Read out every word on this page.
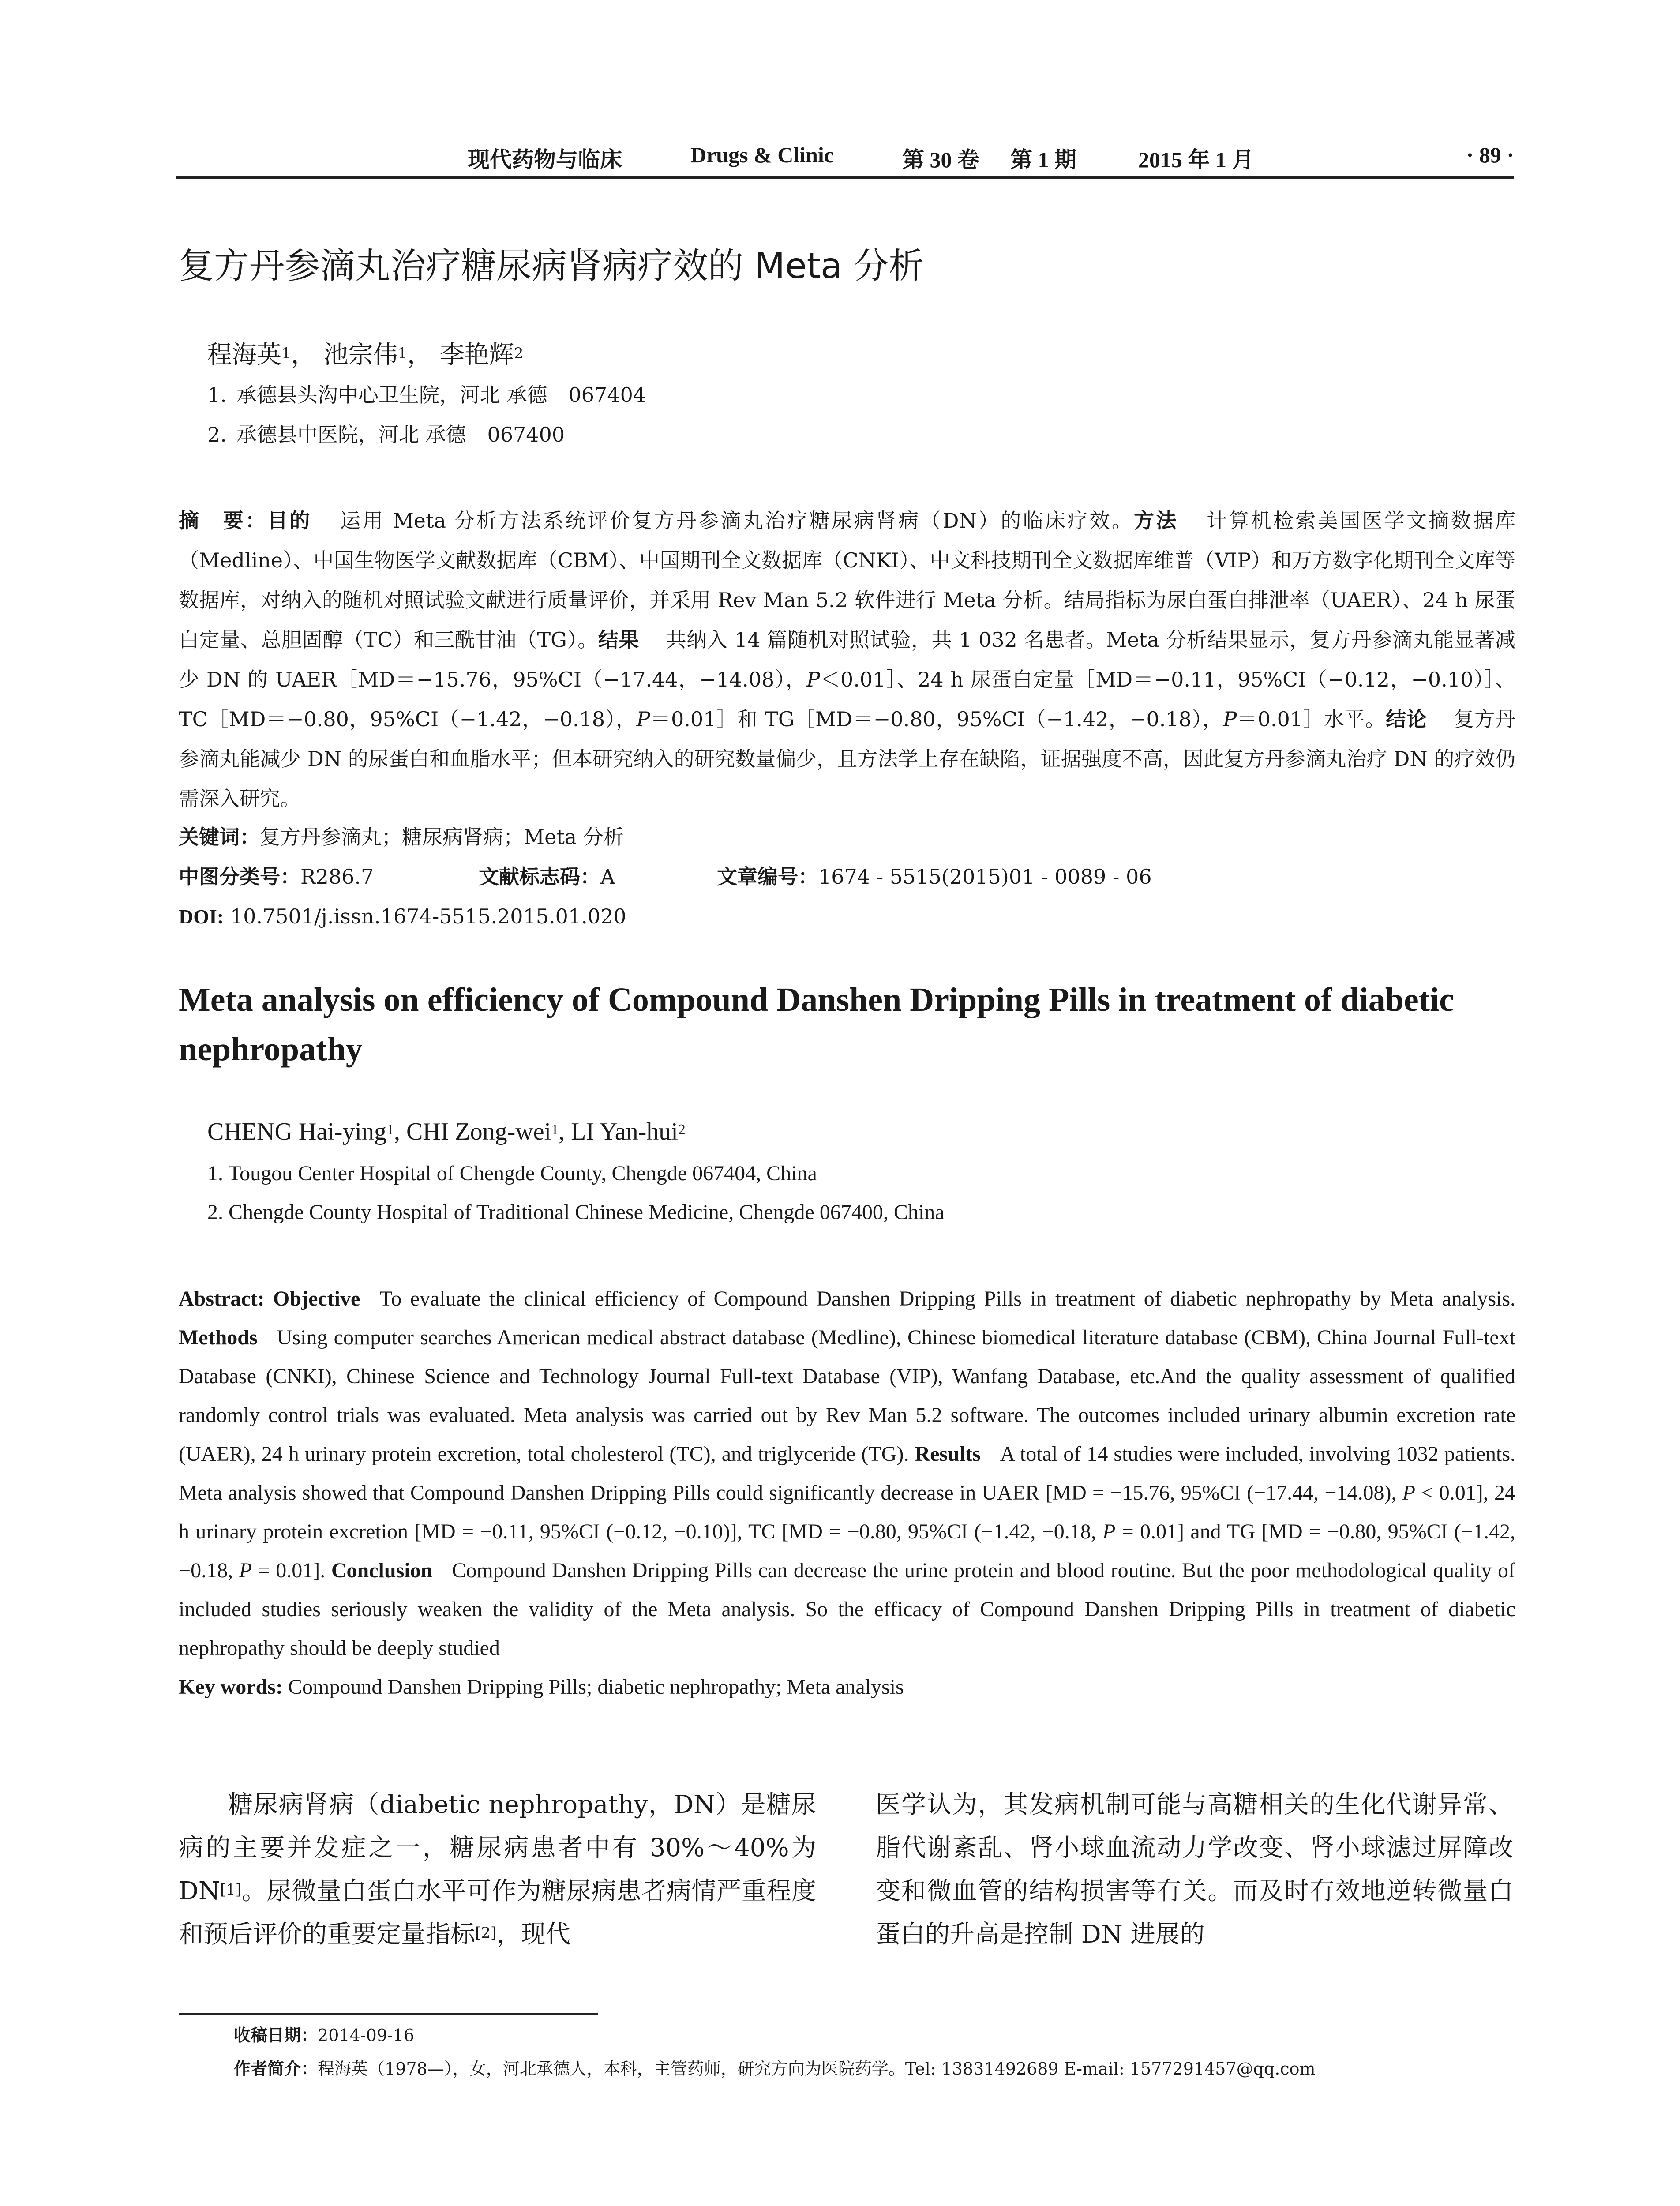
现代药物与临床	Drugs & Clinic	第 30 卷 第 1 期	2015 年 1 月	· 89 ·
复方丹参滴丸治疗糖尿病肾病疗效的 Meta 分析
程海英$^1$， 池宗伟$^1$， 李艳辉$^2$
1. 承德县头沟中心卫生院，河北 承德 067404
2. 承德县中医院，河北 承德 067400
摘　要：目的 运用 Meta 分析方法系统评价复方丹参滴丸治疗糖尿病肾病（DN）的临床疗效。方法 计算机检索美国医学文摘数据库（Medline）、中国生物医学文献数据库（CBM）、中国期刊全文数据库（CNKI）、中文科技期刊全文数据库维普（VIP）和万方数字化期刊全文库等数据库，对纳入的随机对照试验文献进行质量评价，并采用 Rev Man 5.2 软件进行 Meta 分析。结局指标为尿白蛋白排泄率（UAER）、24 h 尿蛋白定量、总胆固醇（TC）和三酰甘油（TG）。结果 共纳入 14 篇随机对照试验，共 1 032 名患者。Meta 分析结果显示，复方丹参滴丸能显著减少 DN 的 UAER［MD＝−15.76，95%CI（−17.44，−14.08），P＜0.01］、24 h 尿蛋白定量［MD＝−0.11，95%CI（−0.12，−0.10）］、TC［MD＝−0.80，95%CI（−1.42，−0.18），P＝0.01］和 TG［MD＝−0.80，95%CI（−1.42，−0.18），P＝0.01］水平。结论 复方丹参滴丸能减少 DN 的尿蛋白和血脂水平；但本研究纳入的研究数量偏少，且方法学上存在缺陷，证据强度不高，因此复方丹参滴丸治疗 DN 的疗效仍需深入研究。
关键词：复方丹参滴丸；糖尿病肾病；Meta 分析
中图分类号：R286.7	文献标志码：A	文章编号：1674 - 5515(2015)01 - 0089 - 06
DOI: 10.7501/j.issn.1674-5515.2015.01.020
Meta analysis on efficiency of Compound Danshen Dripping Pills in treatment of diabetic nephropathy
CHENG Hai-ying$^1$, CHI Zong-wei$^1$, LI Yan-hui$^2$
1. Tougou Center Hospital of Chengde County, Chengde 067404, China
2. Chengde County Hospital of Traditional Chinese Medicine, Chengde 067400, China
Abstract: Objective To evaluate the clinical efficiency of Compound Danshen Dripping Pills in treatment of diabetic nephropathy by Meta analysis. Methods Using computer searches American medical abstract database (Medline), Chinese biomedical literature database (CBM), China Journal Full-text Database (CNKI), Chinese Science and Technology Journal Full-text Database (VIP), Wanfang Database, etc.And the quality assessment of qualified randomly control trials was evaluated. Meta analysis was carried out by Rev Man 5.2 software. The outcomes included urinary albumin excretion rate (UAER), 24 h urinary protein excretion, total cholesterol (TC), and triglyceride (TG). Results A total of 14 studies were included, involving 1032 patients. Meta analysis showed that Compound Danshen Dripping Pills could significantly decrease in UAER [MD = −15.76, 95%CI (−17.44, −14.08), P < 0.01], 24 h urinary protein excretion [MD = −0.11, 95%CI (−0.12, −0.10)], TC [MD = −0.80, 95%CI (−1.42, −0.18, P = 0.01] and TG [MD = −0.80, 95%CI (−1.42, −0.18, P = 0.01]. Conclusion Compound Danshen Dripping Pills can decrease the urine protein and blood routine. But the poor methodological quality of included studies seriously weaken the validity of the Meta analysis. So the efficacy of Compound Danshen Dripping Pills in treatment of diabetic nephropathy should be deeply studied
Key words: Compound Danshen Dripping Pills; diabetic nephropathy; Meta analysis
糖尿病肾病（diabetic nephropathy，DN）是糖尿病的主要并发症之一，糖尿病患者中有 30%～40%为 DN[1]。尿微量白蛋白水平可作为糖尿病患者病情严重程度和预后评价的重要定量指标[2]，现代
医学认为，其发病机制可能与高糖相关的生化代谢异常、脂代谢紊乱、肾小球血流动力学改变、肾小球滤过屏障改变和微血管的结构损害等有关。而及时有效地逆转微量白蛋白的升高是控制 DN 进展的
收稿日期：2014-09-16
作者简介：程海英（1978—），女，河北承德人，本科，主管药师，研究方向为医院药学。Tel: 13831492689 E-mail: 1577291457@qq.com
